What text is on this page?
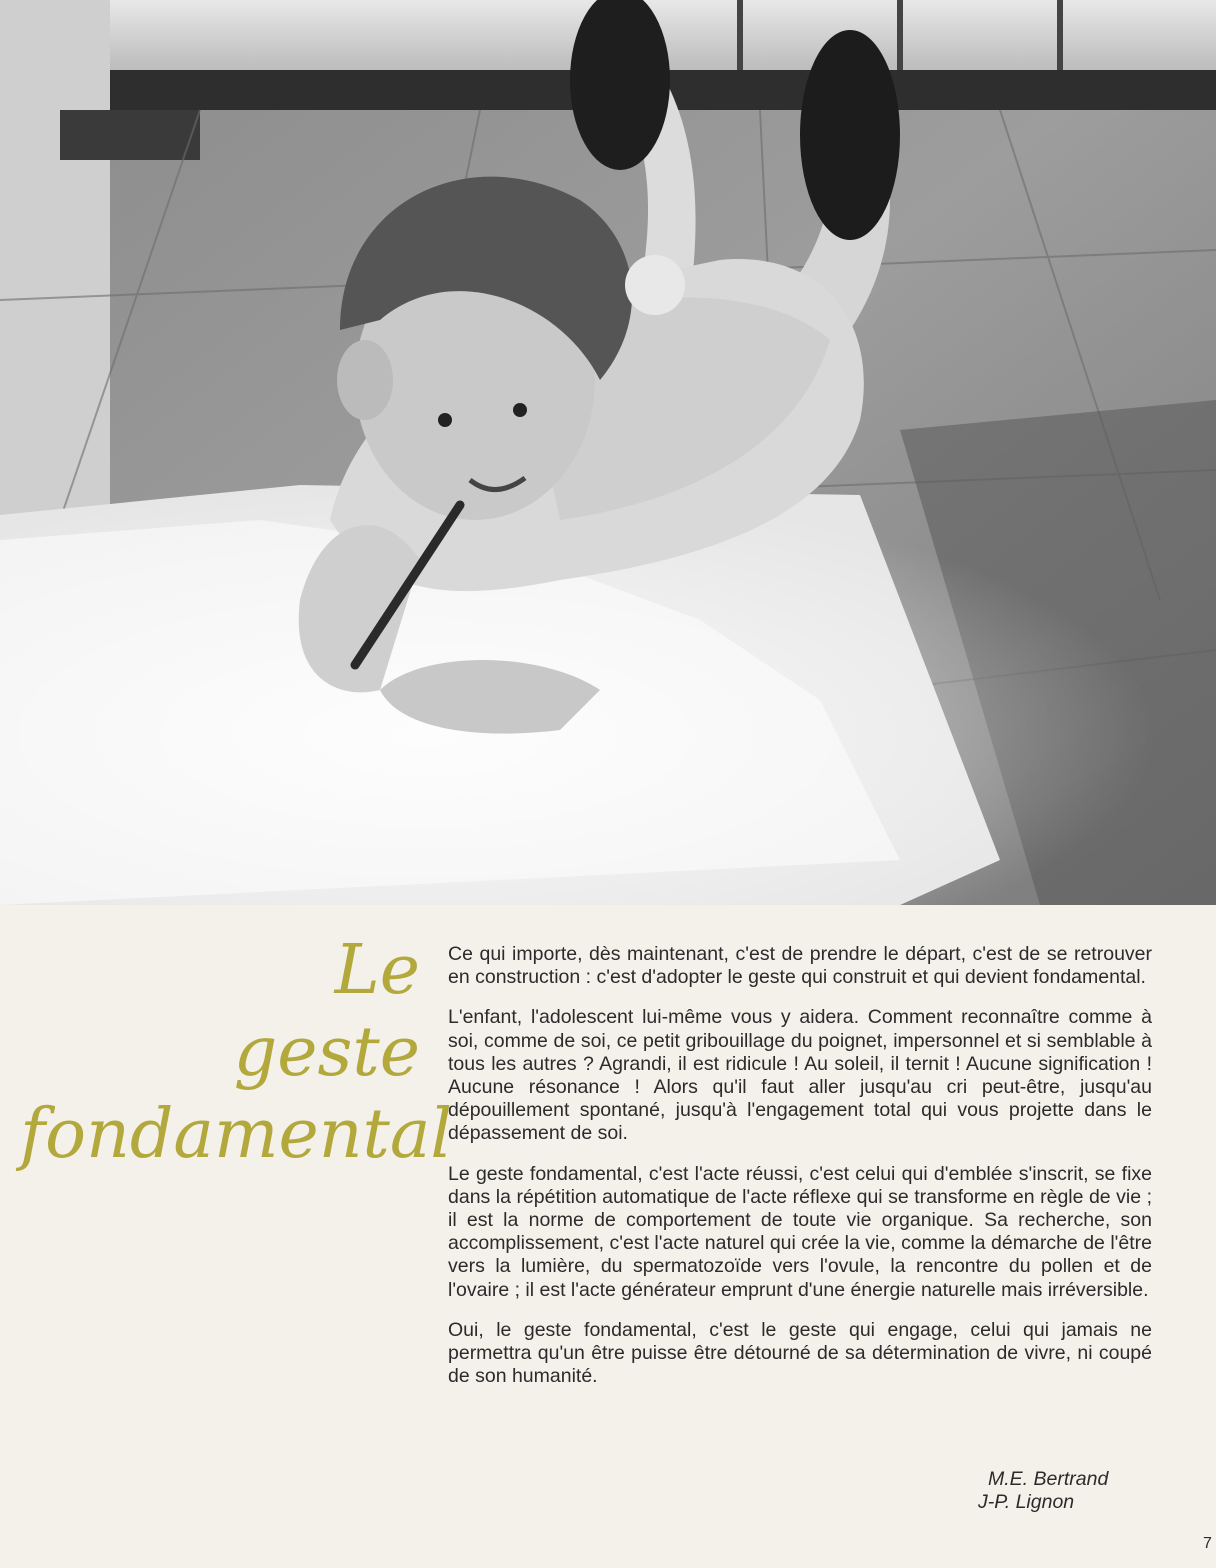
Le
geste
fondamental

Ce qui importe, dès maintenant, c'est de prendre le départ, c'est de se retrouver en construction : c'est d'adopter le geste qui construit et qui devient fondamental.

L'enfant, l'adolescent lui-même vous y aidera. Comment reconnaître comme à soi, comme de soi, ce petit gribouillage du poignet, impersonnel et si semblable à tous les autres ? Agrandi, il est ridicule ! Au soleil, il ternit ! Aucune signification ! Aucune résonance ! Alors qu'il faut aller jusqu'au cri peut-être, jusqu'au dépouillement spontané, jusqu'à l'engagement total qui vous projette dans le dépassement de soi.

Le geste fondamental, c'est l'acte réussi, c'est celui qui d'emblée s'inscrit, se fixe dans la répétition automatique de l'acte réflexe qui se transforme en règle de vie ; il est la norme de comportement de toute vie organique. Sa recherche, son accomplissement, c'est l'acte naturel qui crée la vie, comme la démarche de l'être vers la lumière, du spermatozoïde vers l'ovule, la rencontre du pollen et de l'ovaire ; il est l'acte générateur emprunt d'une énergie naturelle mais irréversible.

Oui, le geste fondamental, c'est le geste qui engage, celui qui jamais ne permettra qu'un être puisse être détourné de sa détermination de vivre, ni coupé de son humanité.

M.E. Bertrand
J-P. Lignon
7
